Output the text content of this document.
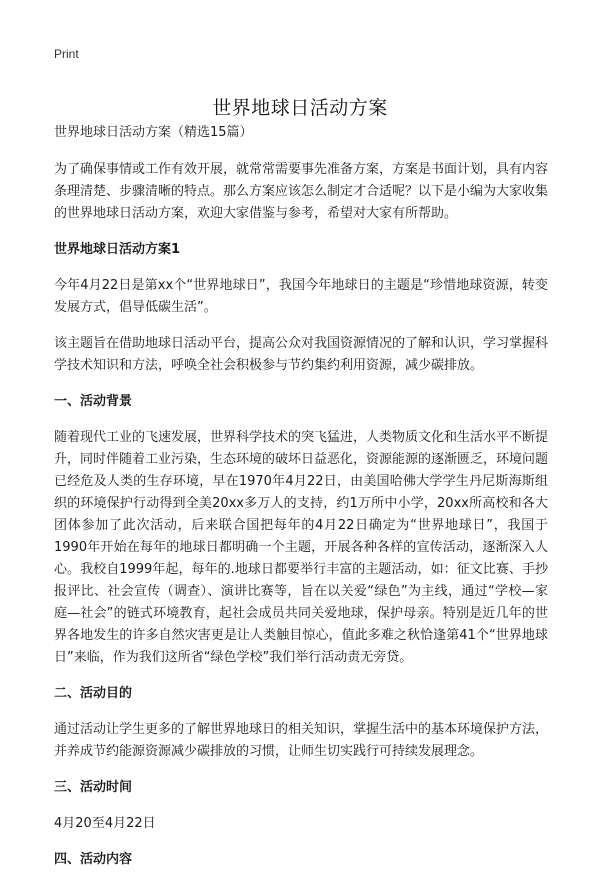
Print
世界地球日活动方案
世界地球日活动方案（精选15篇）

为了确保事情或工作有效开展，就常常需要事先准备方案，方案是书面计划，具有内容条理清楚、步骤清晰的特点。那么方案应该怎么制定才合适呢？以下是小编为大家收集的世界地球日活动方案，欢迎大家借鉴与参考，希望对大家有所帮助。

世界地球日活动方案1

今年4月22日是第xx个“世界地球日”，我国今年地球日的主题是“珍惜地球资源，转变发展方式，倡导低碳生活”。

该主题旨在借助地球日活动平台，提高公众对我国资源情况的了解和认识，学习掌握科学技术知识和方法，呼唤全社会积极参与节约集约利用资源，减少碳排放。

一、活动背景

随着现代工业的飞速发展，世界科学技术的突飞猛进，人类物质文化和生活水平不断提升，同时伴随着工业污染，生态环境的破坏日益恶化，资源能源的逐渐匮乏，环境问题已经危及人类的生存环境，早在1970年4月22日，由美国哈佛大学学生丹尼斯海斯组织的环境保护行动得到全美20xx多万人的支持，约1万所中小学，20xx所高校和各大团体参加了此次活动，后来联合国把每年的4月22日确定为“世界地球日”，我国于1990年开始在每年的地球日都明确一个主题，开展各种各样的宣传活动，逐渐深入人心。我校自1999年起，每年的.地球日都要举行丰富的主题活动，如：征文比赛、手抄报评比、社会宣传（调查）、演讲比赛等，旨在以关爱“绿色”为主线，通过“学校—家庭—社会”的链式环境教育，起社会成员共同关爱地球，保护母亲。特别是近几年的世界各地发生的许多自然灾害更是让人类触目惊心，值此多难之秋恰逢第41个“世界地球日”来临，作为我们这所省“绿色学校”我们举行活动责无旁贷。

二、活动目的

通过活动让学生更多的了解世界地球日的相关知识，掌握生活中的基本环境保护方法，并养成节约能源资源减少碳排放的习惯，让师生切实践行可持续发展理念。

三、活动时间

4月20至4月22日

四、活动内容
